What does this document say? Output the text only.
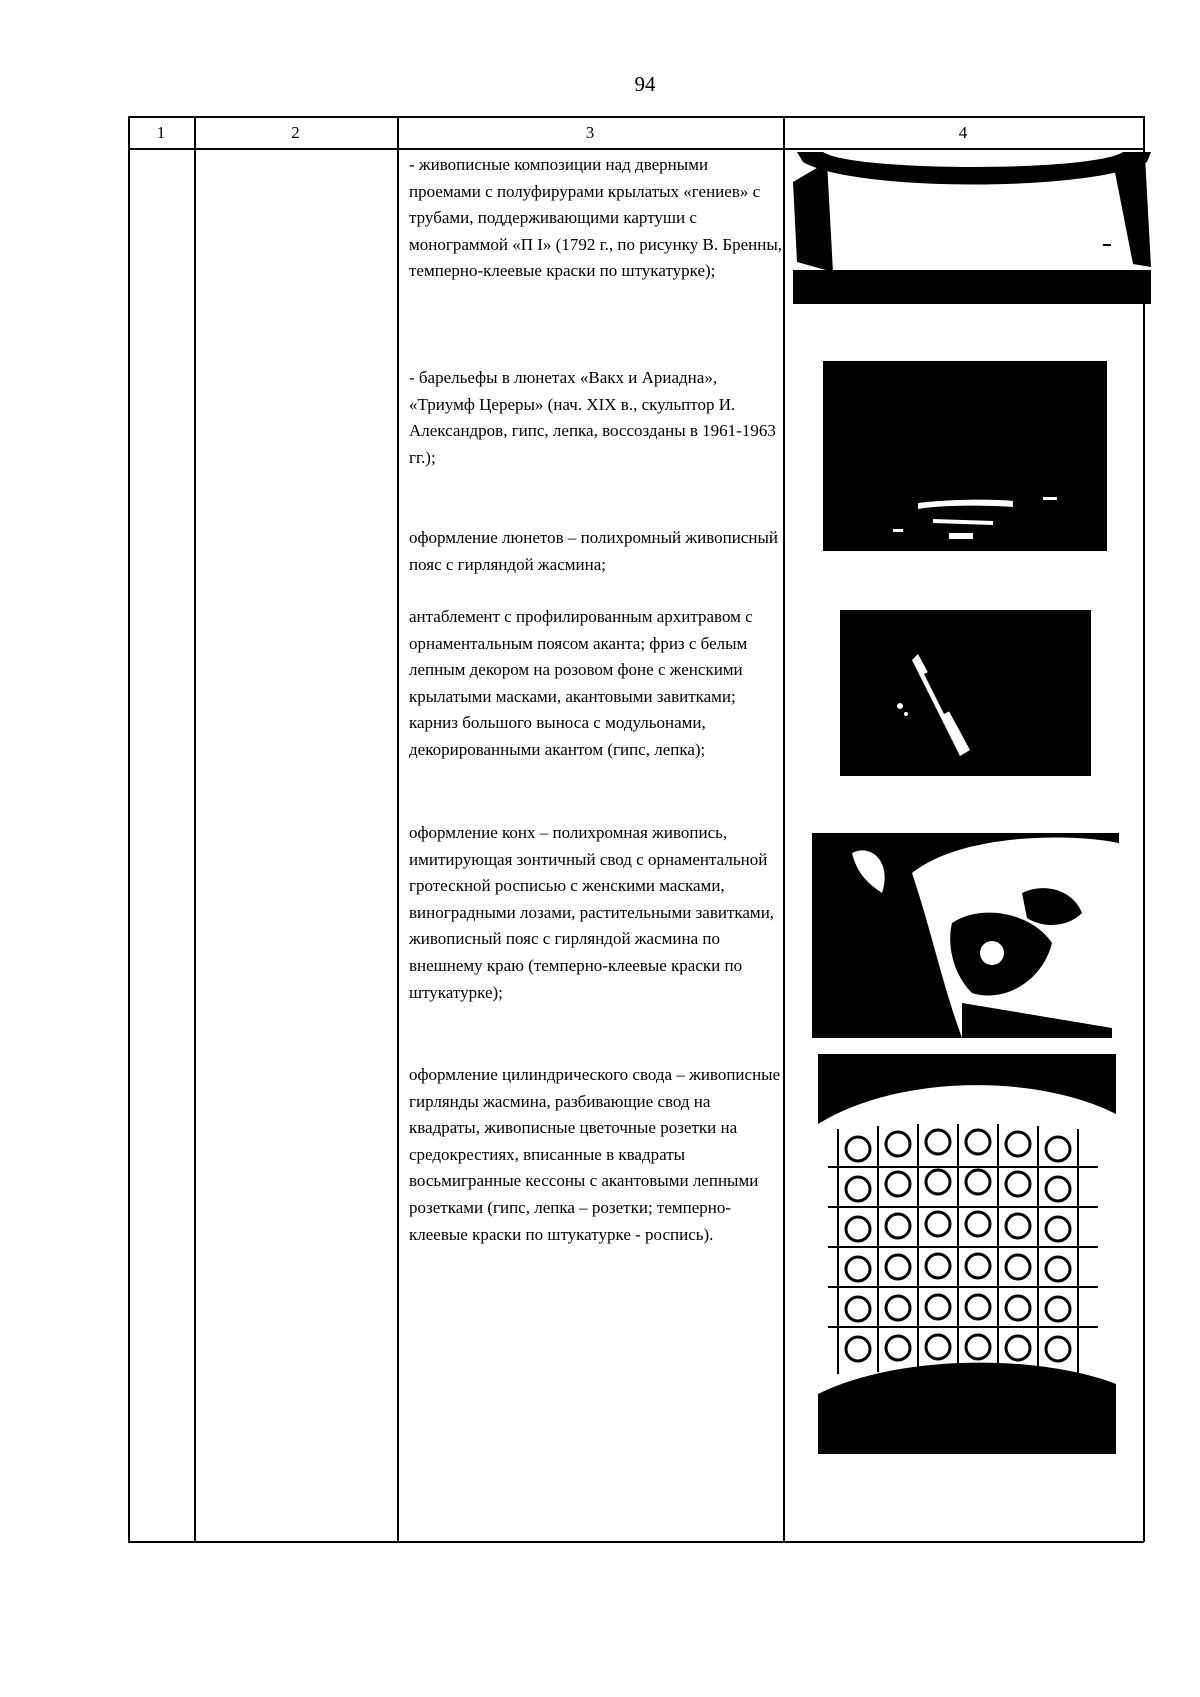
94
1	2	3	4
- живописные композиции над дверными проемами с полуфирурами крылатых «гениев» с трубами, поддерживающими картуши с монограммой «П I» (1792 г., по рисунку В. Бренны, темперно-клеевые краски по штукатурке);
- барельефы в люнетах «Вакх и Ариадна», «Триумф Цереры» (нач. XIX в., скульптор И. Александров, гипс, лепка, воссозданы в 1961-1963 гг.);
оформление люнетов – полихромный живописный пояс с гирляндой жасмина;
антаблемент с профилированным архитравом с орнаментальным поясом аканта; фриз с белым лепным декором на розовом фоне с женскими крылатыми масками, акантовыми завитками; карниз большого выноса с модульонами, декорированными акантом (гипс, лепка);
оформление конх – полихромная живопись, имитирующая зонтичный свод с орнаментальной гротескной росписью с женскими масками, виноградными лозами, растительными завитками, живописный пояс с гирляндой жасмина по внешнему краю (темперно-клеевые краски по штукатурке);
оформление цилиндрического свода – живописные гирлянды жасмина, разбивающие свод на квадраты, живописные цветочные розетки на средокрестиях, вписанные в квадраты восьмигранные кессоны с акантовыми лепными розетками (гипс, лепка – розетки; темперно-клеевые краски по штукатурке - роспись).
